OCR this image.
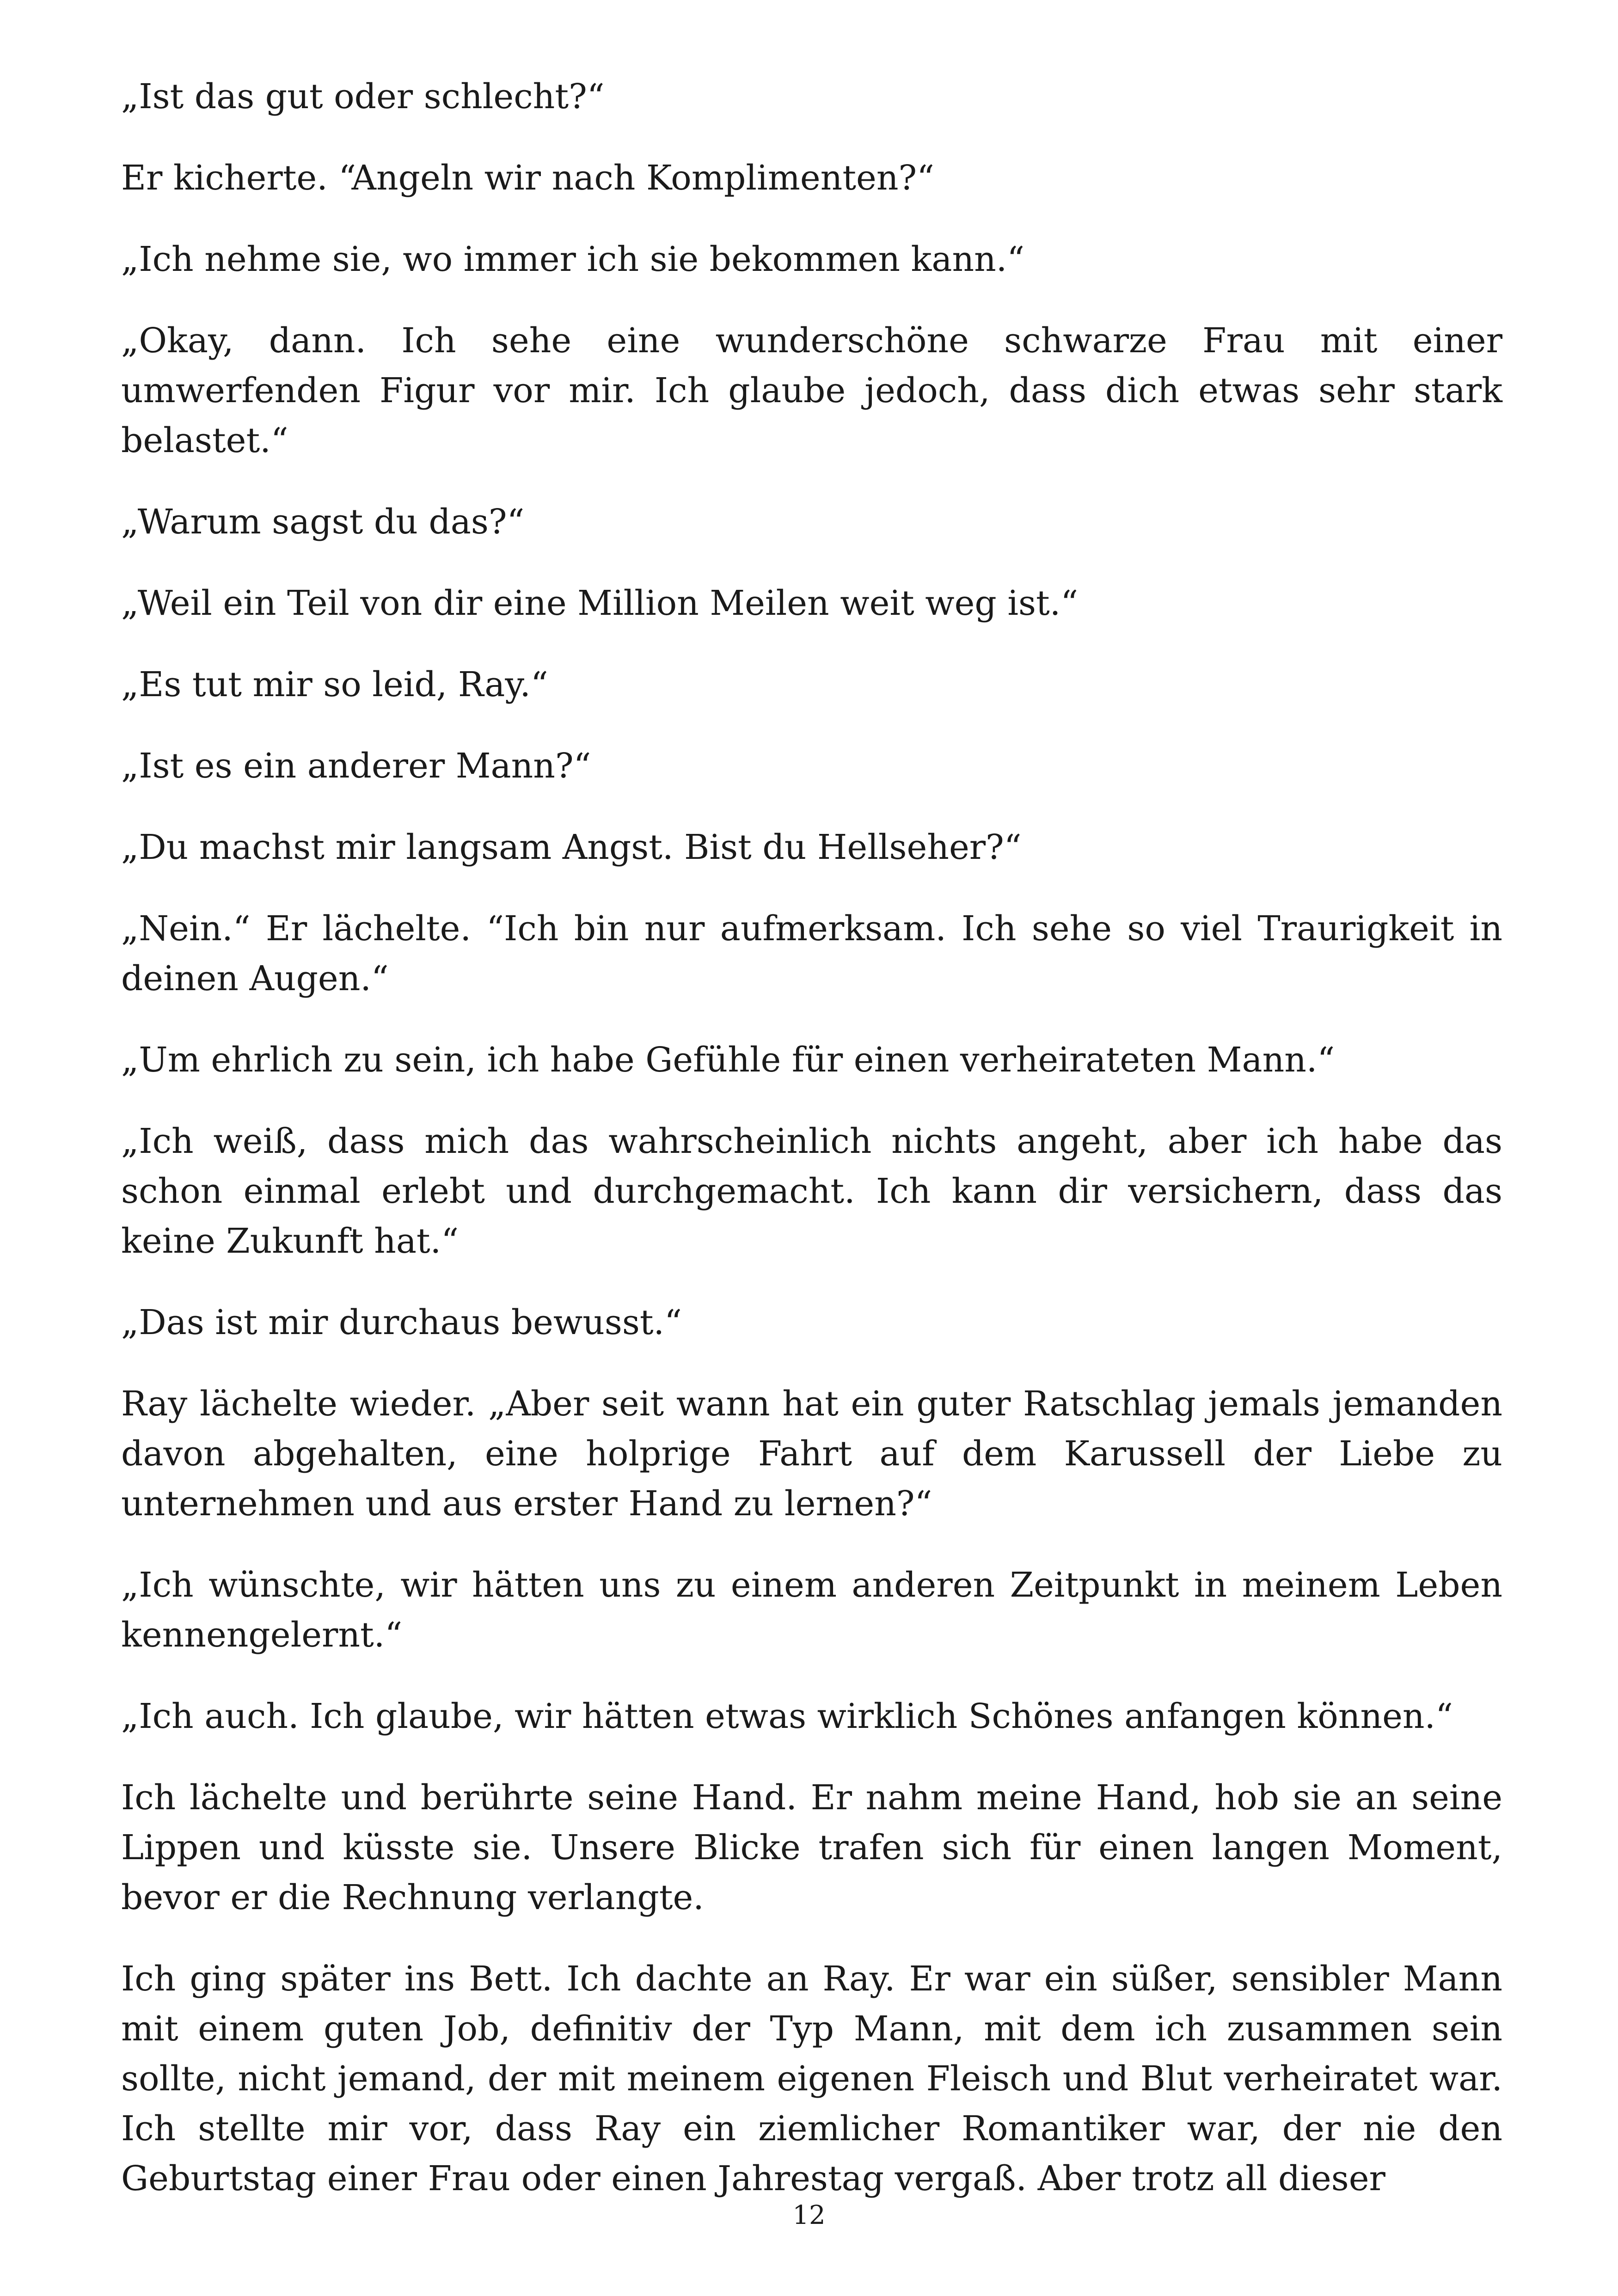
„Ist das gut oder schlecht?“

Er kicherte. “Angeln wir nach Komplimenten?“

„Ich nehme sie, wo immer ich sie bekommen kann.“

„Okay, dann. Ich sehe eine wunderschöne schwarze Frau mit einer umwerfenden Figur vor mir. Ich glaube jedoch, dass dich etwas sehr stark belastet.“

„Warum sagst du das?“

„Weil ein Teil von dir eine Million Meilen weit weg ist.“

„Es tut mir so leid, Ray.“

„Ist es ein anderer Mann?“

„Du machst mir langsam Angst. Bist du Hellseher?“

„Nein.“ Er lächelte. “Ich bin nur aufmerksam. Ich sehe so viel Traurigkeit in deinen Augen.“

„Um ehrlich zu sein, ich habe Gefühle für einen verheirateten Mann.“

„Ich weiß, dass mich das wahrscheinlich nichts angeht, aber ich habe das schon einmal erlebt und durchgemacht. Ich kann dir versichern, dass das keine Zukunft hat.“

„Das ist mir durchaus bewusst.“

Ray lächelte wieder. „Aber seit wann hat ein guter Ratschlag jemals jemanden davon abgehalten, eine holprige Fahrt auf dem Karussell der Liebe zu unternehmen und aus erster Hand zu lernen?“

„Ich wünschte, wir hätten uns zu einem anderen Zeitpunkt in meinem Leben kennengelernt.“

„Ich auch. Ich glaube, wir hätten etwas wirklich Schönes anfangen können.“

Ich lächelte und berührte seine Hand. Er nahm meine Hand, hob sie an seine Lippen und küsste sie. Unsere Blicke trafen sich für einen langen Moment, bevor er die Rechnung verlangte.

Ich ging später ins Bett. Ich dachte an Ray. Er war ein süßer, sensibler Mann mit einem guten Job, definitiv der Typ Mann, mit dem ich zusammen sein sollte, nicht jemand, der mit meinem eigenen Fleisch und Blut verheiratet war. Ich stellte mir vor, dass Ray ein ziemlicher Romantiker war, der nie den Geburtstag einer Frau oder einen Jahrestag vergaß. Aber trotz all dieser

12
